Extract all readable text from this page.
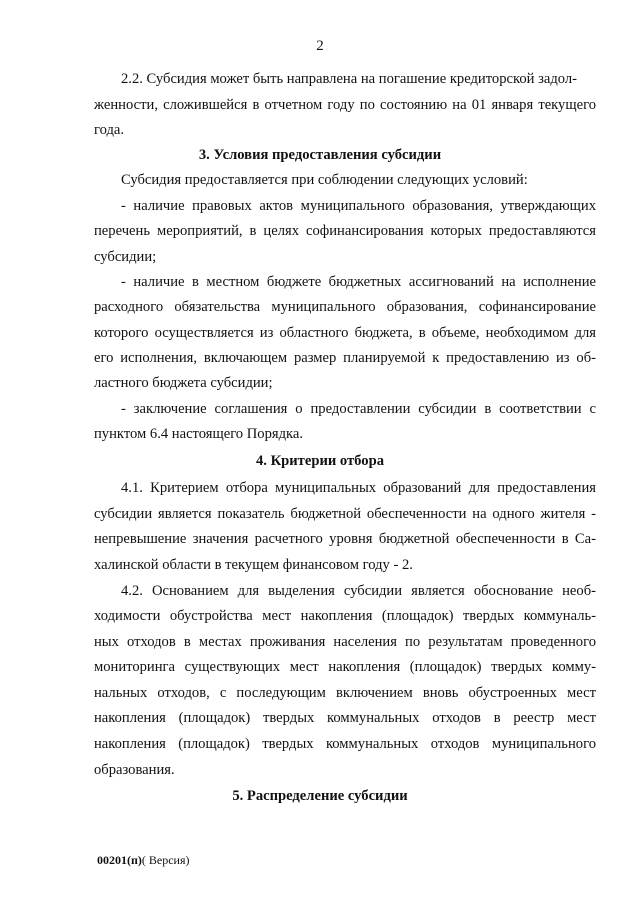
2
2.2. Субсидия может быть направлена на погашение кредиторской задол-
женности, сложившейся в отчетном году по состоянию на 01 января текущего
года.
3. Условия предоставления субсидии
Субсидия предоставляется при соблюдении следующих условий:
- наличие правовых актов муниципального образования, утверждающих
перечень мероприятий, в целях софинансирования которых предоставляются
субсидии;
- наличие в местном бюджете бюджетных ассигнований на исполнение
расходного обязательства муниципального образования, софинансирование
которого осуществляется из областного бюджета, в объеме, необходимом для
его исполнения, включающем размер планируемой к предоставлению из об-
ластного бюджета субсидии;
- заключение соглашения о предоставлении субсидии в соответствии с
пунктом 6.4 настоящего Порядка.
4. Критерии отбора
4.1. Критерием отбора муниципальных образований для предоставления
субсидии является показатель бюджетной обеспеченности на одного жителя -
непревышение значения расчетного уровня бюджетной обеспеченности в Са-
халинской области в текущем финансовом году - 2.
4.2. Основанием для выделения субсидии является обоснование необ-
ходимости обустройства мест накопления (площадок) твердых коммуналь-
ных отходов в местах проживания населения по результатам проведенного
мониторинга существующих мест накопления (площадок) твердых комму-
нальных отходов, с последующим включением вновь обустроенных мест
накопления (площадок) твердых коммунальных отходов в реестр мест
накопления (площадок) твердых коммунальных отходов муниципального
образования.
5. Распределение субсидии
00201(п)( Версия)
